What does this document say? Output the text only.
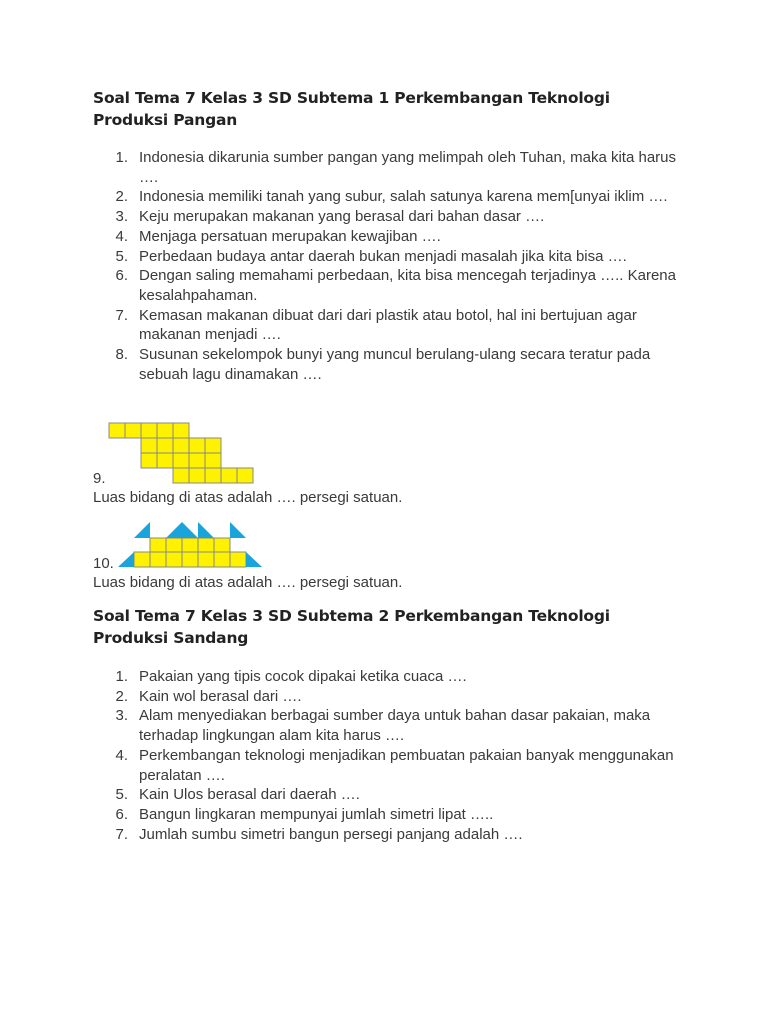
Soal Tema 7 Kelas 3 SD Subtema 1 Perkembangan Teknologi Produksi Pangan
1. Indonesia dikarunia sumber pangan yang melimpah oleh Tuhan, maka kita harus ….
2. Indonesia memiliki tanah yang subur, salah satunya karena mem[unyai iklim ….
3. Keju merupakan makanan yang berasal dari bahan dasar ….
4. Menjaga persatuan merupakan kewajiban ….
5. Perbedaan budaya antar daerah bukan menjadi masalah jika kita bisa ….
6. Dengan saling memahami perbedaan, kita bisa mencegah terjadinya ….. Karena kesalahpahaman.
7. Kemasan makanan dibuat dari dari plastik atau botol, hal ini bertujuan agar makanan menjadi ….
8. Susunan sekelompok bunyi yang muncul berulang-ulang secara teratur pada sebuah lagu dinamakan ….
9.
Luas bidang di atas adalah …. persegi satuan.
10.
Luas bidang di atas adalah …. persegi satuan.
Soal Tema 7 Kelas 3 SD Subtema 2 Perkembangan Teknologi Produksi Sandang
1. Pakaian yang tipis cocok dipakai ketika cuaca ….
2. Kain wol berasal dari ….
3. Alam menyediakan berbagai sumber daya untuk bahan dasar pakaian, maka terhadap lingkungan alam kita harus ….
4. Perkembangan teknologi menjadikan pembuatan pakaian banyak menggunakan peralatan ….
5. Kain Ulos berasal dari daerah ….
6. Bangun lingkaran mempunyai jumlah simetri lipat …..
7. Jumlah sumbu simetri bangun persegi panjang adalah ….
